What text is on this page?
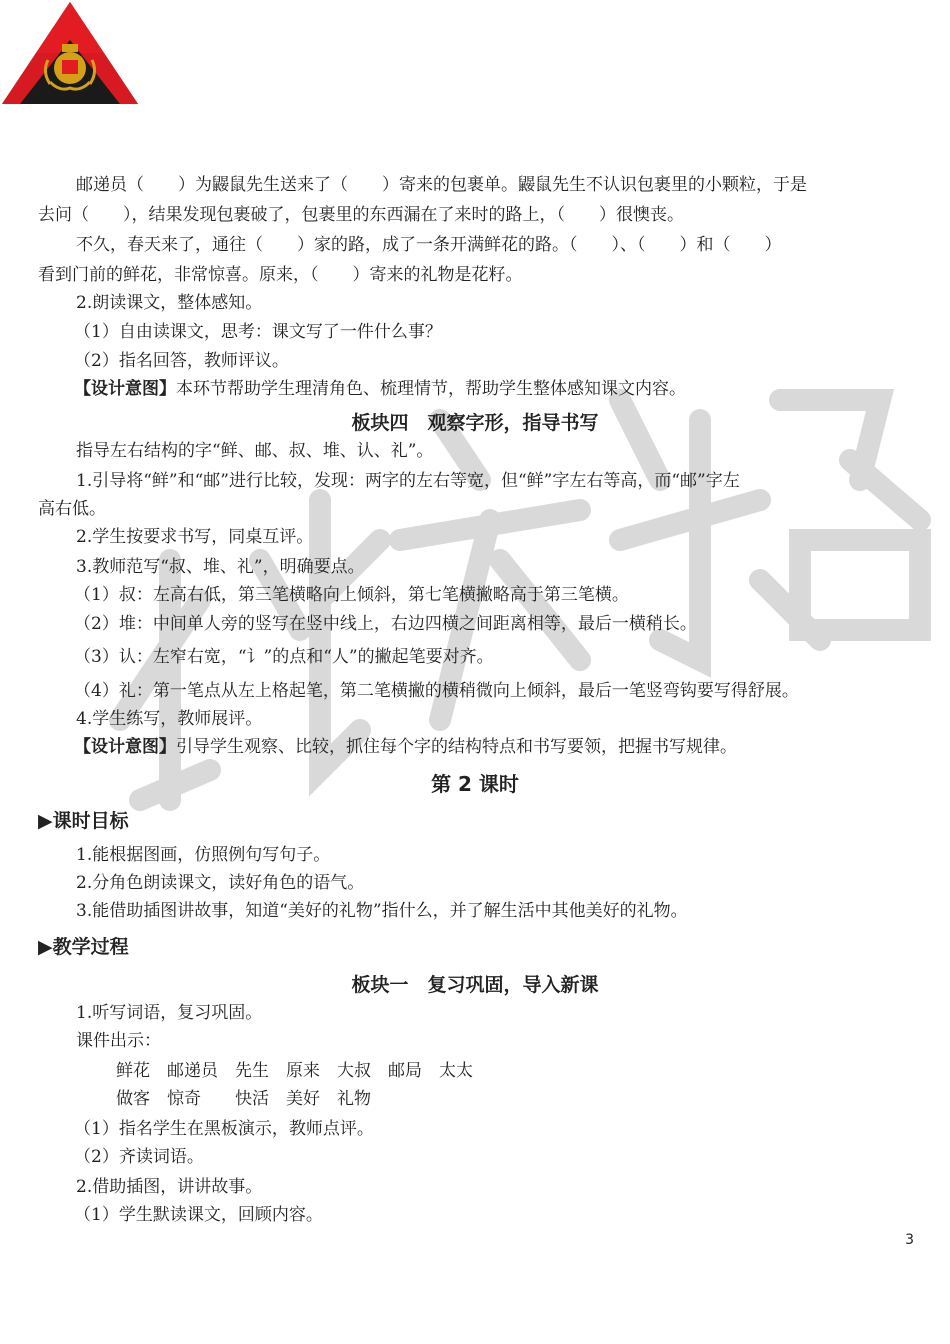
邮递员（　　）为鼹鼠先生送来了（　　）寄来的包裹单。鼹鼠先生不认识包裹里的小颗粒，于是
去问（　　），结果发现包裹破了，包裹里的东西漏在了来时的路上，（　　）很懊丧。
不久，春天来了，通往（　　）家的路，成了一条开满鲜花的路。（　　）、（　　）和（　　）
看到门前的鲜花，非常惊喜。原来，（　　）寄来的礼物是花籽。
2.朗读课文，整体感知。
（1）自由读课文，思考：课文写了一件什么事？
（2）指名回答，教师评议。
【设计意图】本环节帮助学生理清角色、梳理情节，帮助学生整体感知课文内容。
板块四　观察字形，指导书写
指导左右结构的字“鲜、邮、叔、堆、认、礼”。
1.引导将“鲜”和“邮”进行比较，发现：两字的左右等宽，但“鲜”字左右等高，而“邮”字左
高右低。
2.学生按要求书写，同桌互评。
3.教师范写“叔、堆、礼”，明确要点。
（1）叔：左高右低，第三笔横略向上倾斜，第七笔横撇略高于第三笔横。
（2）堆：中间单人旁的竖写在竖中线上，右边四横之间距离相等，最后一横稍长。
（3）认：左窄右宽，“讠”的点和“人”的撇起笔要对齐。
（4）礼：第一笔点从左上格起笔，第二笔横撇的横稍微向上倾斜，最后一笔竖弯钩要写得舒展。
4.学生练写，教师展评。
【设计意图】引导学生观察、比较，抓住每个字的结构特点和书写要领，把握书写规律。
第 2 课时
▶课时目标
1.能根据图画，仿照例句写句子。
2.分角色朗读课文，读好角色的语气。
3.能借助插图讲故事，知道“美好的礼物”指什么，并了解生活中其他美好的礼物。
▶教学过程
板块一　复习巩固，导入新课
1.听写词语，复习巩固。
课件出示：
鲜花　邮递员　先生　原来　大叔　邮局　太太
做客　惊奇　　快活　美好　礼物
（1）指名学生在黑板演示，教师点评。
（2）齐读词语。
2.借助插图，讲讲故事。
（1）学生默读课文，回顾内容。
3
